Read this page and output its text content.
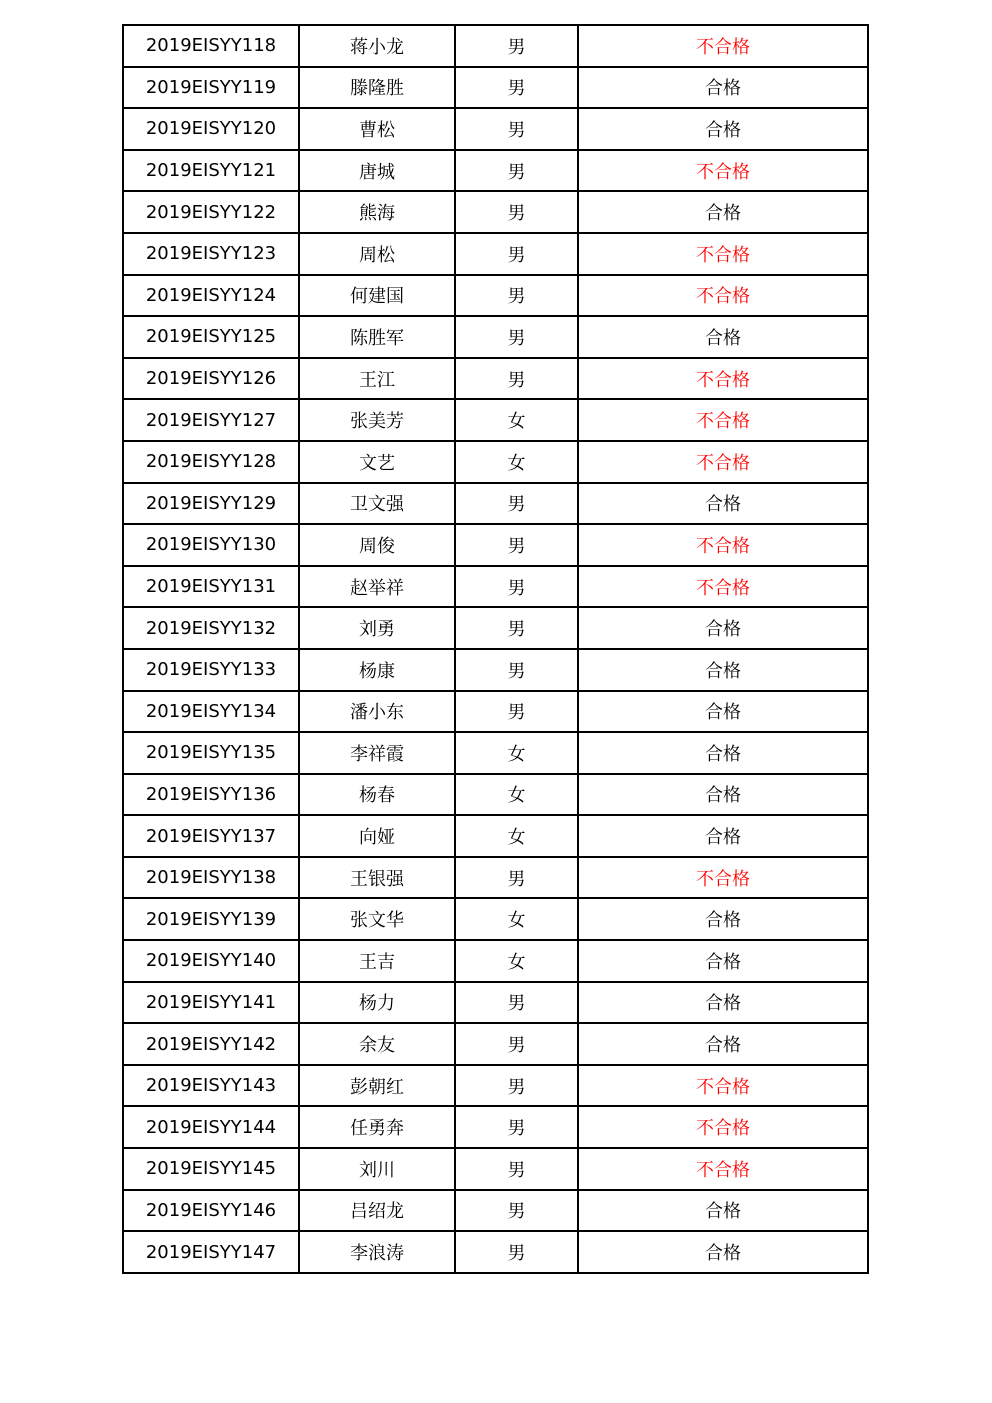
2019EISYY118	蒋小龙	男	不合格
2019EISYY119	滕隆胜	男	合格
2019EISYY120	曹松	男	合格
2019EISYY121	唐城	男	不合格
2019EISYY122	熊海	男	合格
2019EISYY123	周松	男	不合格
2019EISYY124	何建国	男	不合格
2019EISYY125	陈胜军	男	合格
2019EISYY126	王江	男	不合格
2019EISYY127	张美芳	女	不合格
2019EISYY128	文艺	女	不合格
2019EISYY129	卫文强	男	合格
2019EISYY130	周俊	男	不合格
2019EISYY131	赵举祥	男	不合格
2019EISYY132	刘勇	男	合格
2019EISYY133	杨康	男	合格
2019EISYY134	潘小东	男	合格
2019EISYY135	李祥霞	女	合格
2019EISYY136	杨春	女	合格
2019EISYY137	向娅	女	合格
2019EISYY138	王银强	男	不合格
2019EISYY139	张文华	女	合格
2019EISYY140	王吉	女	合格
2019EISYY141	杨力	男	合格
2019EISYY142	余友	男	合格
2019EISYY143	彭朝红	男	不合格
2019EISYY144	任勇奔	男	不合格
2019EISYY145	刘川	男	不合格
2019EISYY146	吕绍龙	男	合格
2019EISYY147	李浪涛	男	合格
